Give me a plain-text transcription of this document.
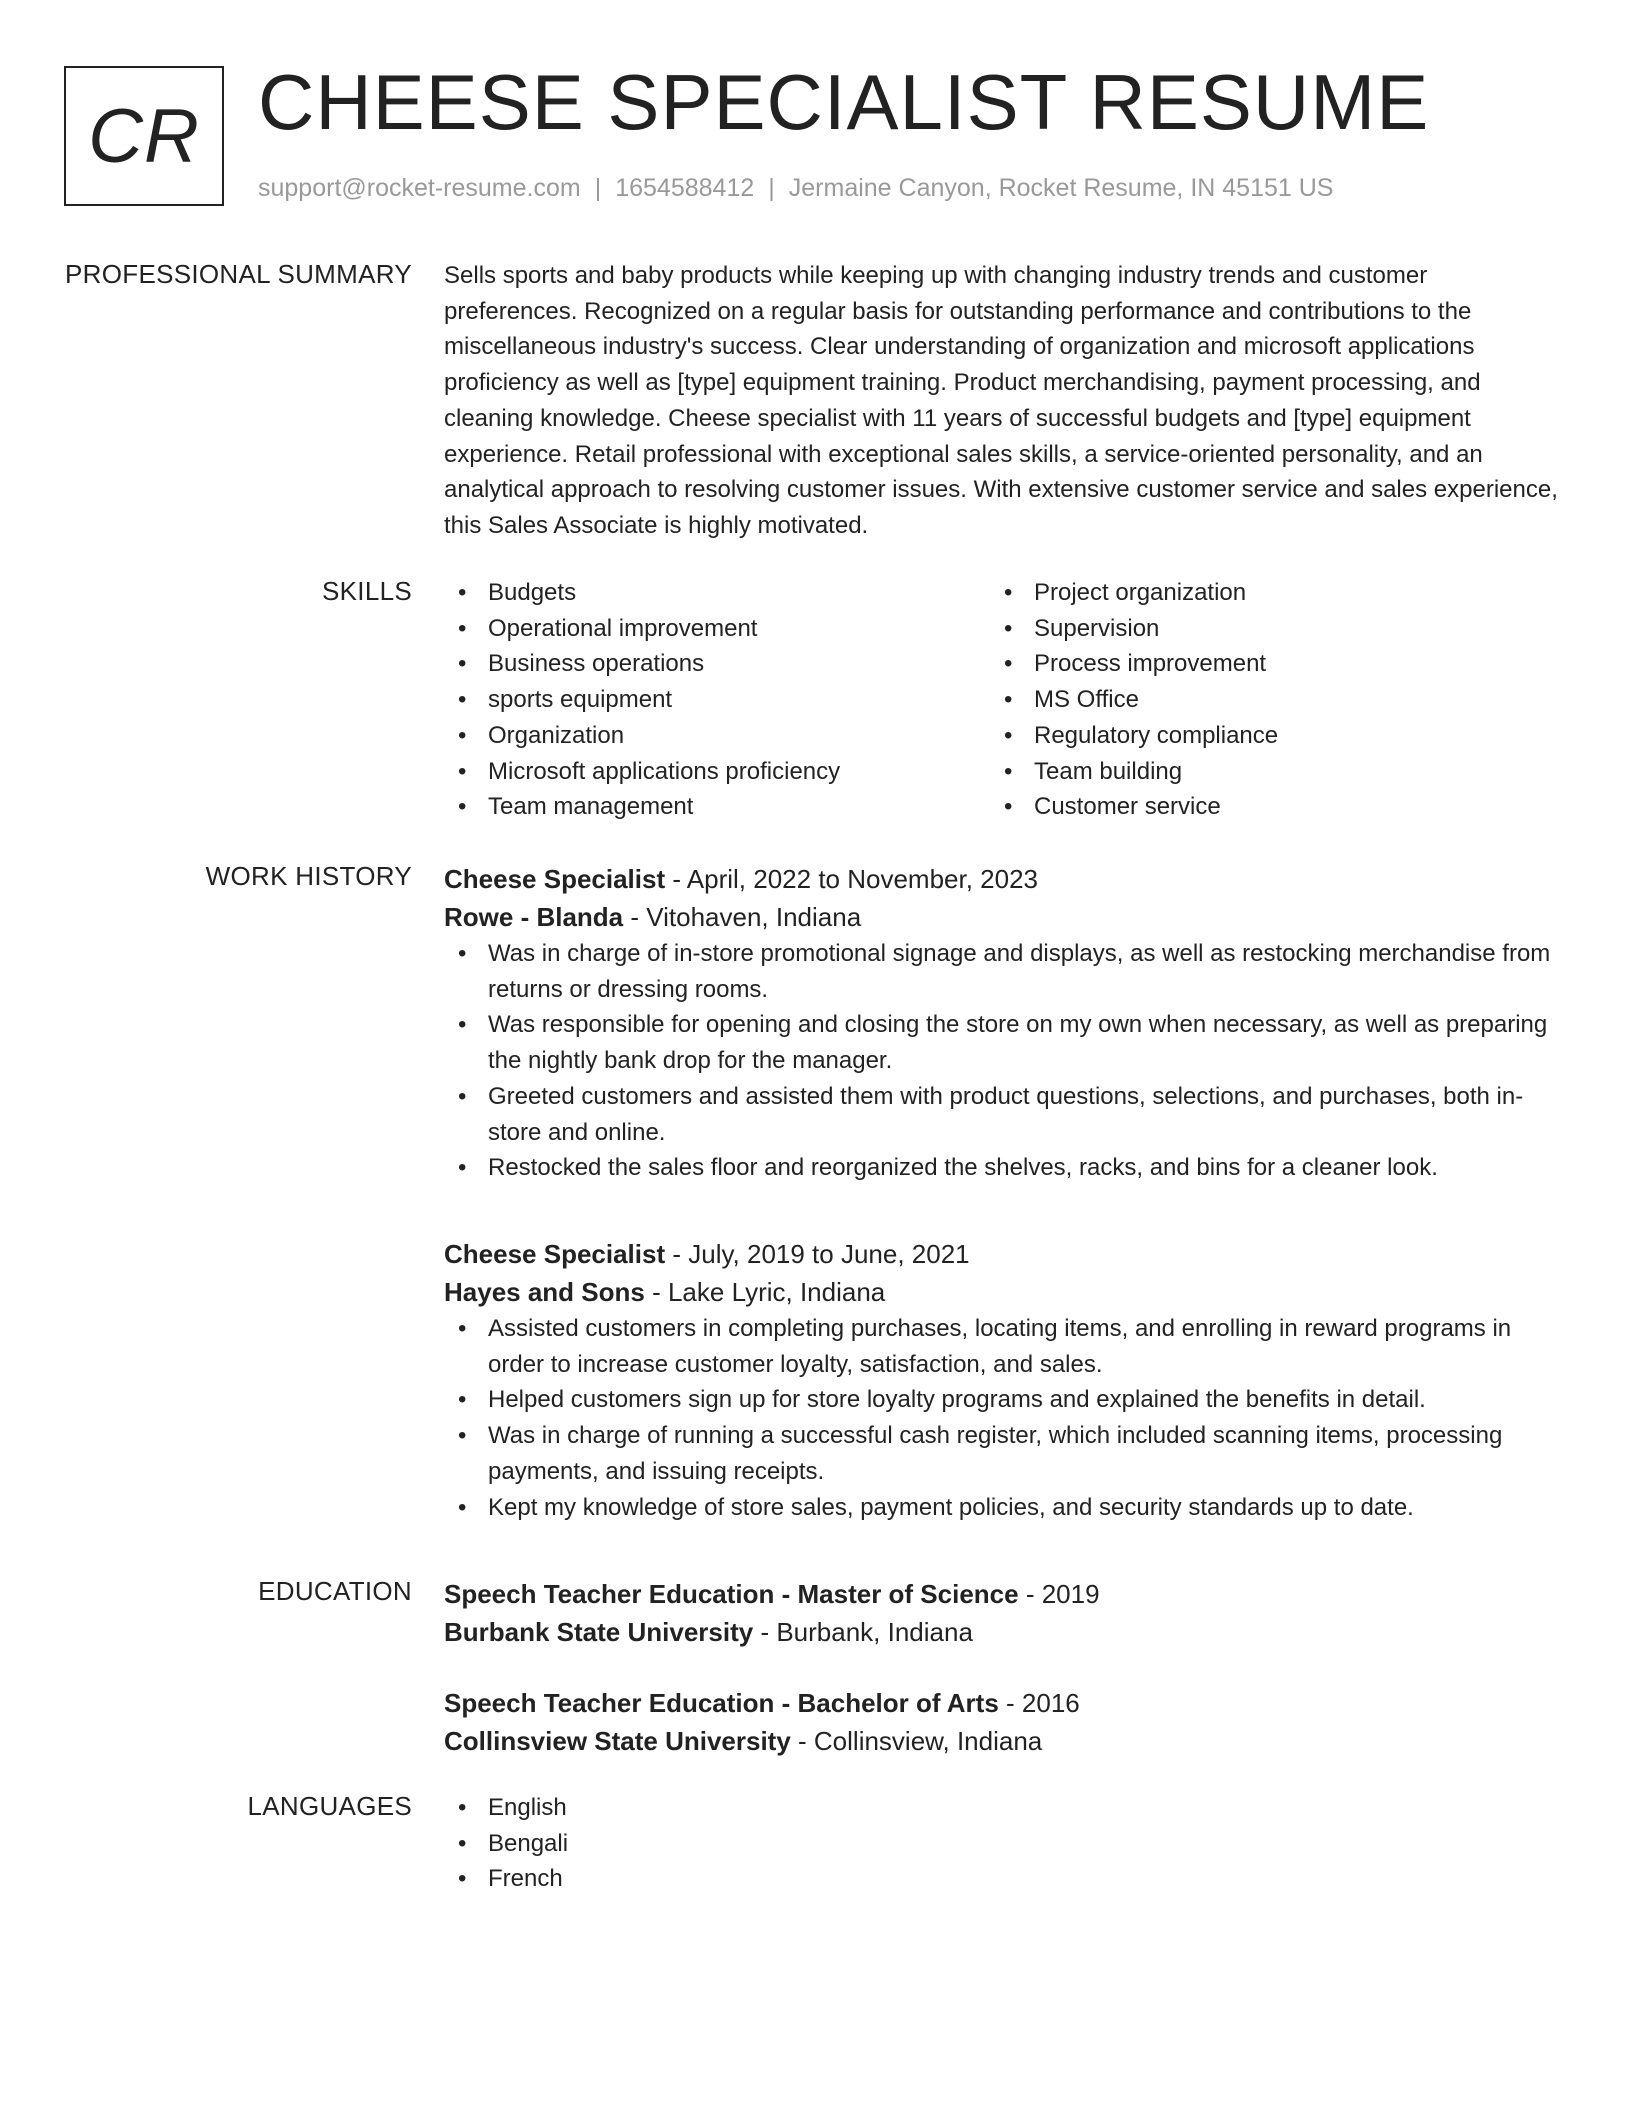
CR CHEESE SPECIALIST RESUME
support@rocket-resume.com | 1654588412 | Jermaine Canyon, Rocket Resume, IN 45151 US
PROFESSIONAL SUMMARY Sells sports and baby products while keeping up with changing industry trends and customer preferences. Recognized on a regular basis for outstanding performance and contributions to the miscellaneous industry's success. Clear understanding of organization and microsoft applications proficiency as well as [type] equipment training. Product merchandising, payment processing, and cleaning knowledge. Cheese specialist with 11 years of successful budgets and [type] equipment experience. Retail professional with exceptional sales skills, a service-oriented personality, and an analytical approach to resolving customer issues. With extensive customer service and sales experience, this Sales Associate is highly motivated.

SKILLS	• Budgets
• Operational improvement
• Business operations
• sports equipment
• Organization
• Microsoft applications proficiency
• Team management
• Project organization
• Supervision
• Process improvement
• MS Office
• Regulatory compliance
• Team building
• Customer service
WORK HISTORY Cheese Specialist - April, 2022 to November, 2023
Rowe - Blanda - Vitohaven, Indiana
• Was in charge of in-store promotional signage and displays, as well as restocking merchandise from returns or dressing rooms.
• Was responsible for opening and closing the store on my own when necessary, as well as preparing the nightly bank drop for the manager.
• Greeted customers and assisted them with product questions, selections, and purchases, both in-store and online.
• Restocked the sales floor and reorganized the shelves, racks, and bins for a cleaner look.
Cheese Specialist - July, 2019 to June, 2021
Hayes and Sons - Lake Lyric, Indiana
• Assisted customers in completing purchases, locating items, and enrolling in reward programs in order to increase customer loyalty, satisfaction, and sales.
• Helped customers sign up for store loyalty programs and explained the benefits in detail.
• Was in charge of running a successful cash register, which included scanning items, processing payments, and issuing receipts.
• Kept my knowledge of store sales, payment policies, and security standards up to date.
EDUCATION Speech Teacher Education - Master of Science - 2019
Burbank State University - Burbank, Indiana
Speech Teacher Education - Bachelor of Arts - 2016
Collinsview State University - Collinsview, Indiana
LANGUAGES	• English
• Bengali
• French
